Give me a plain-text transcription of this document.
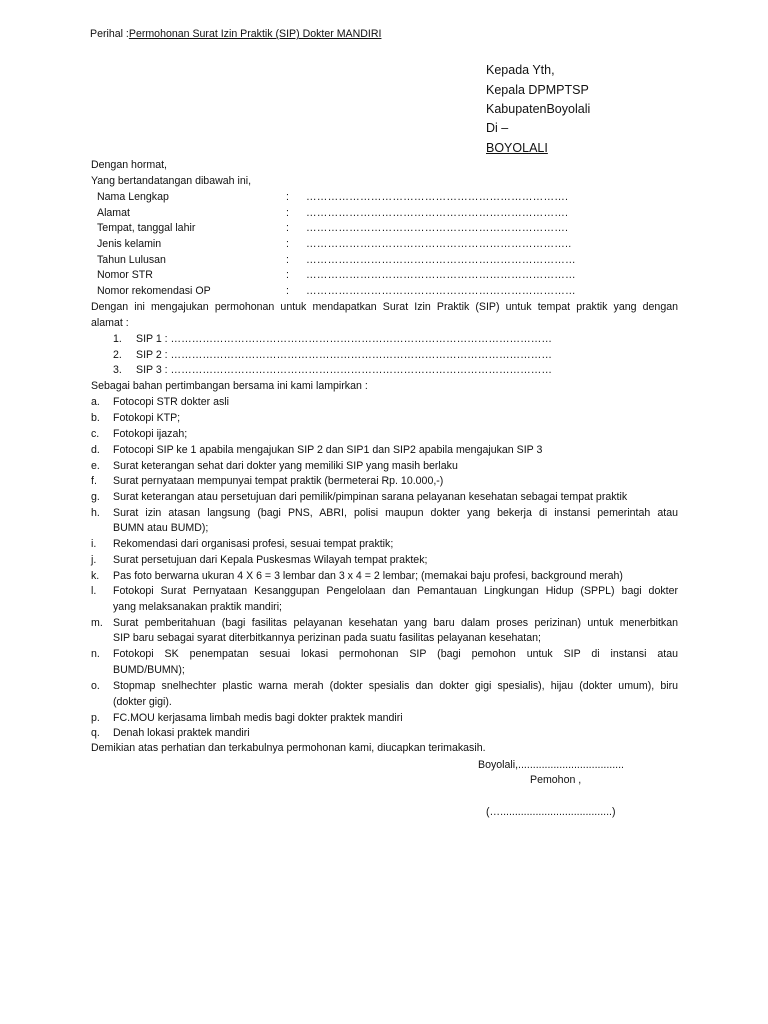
Perihal :Permohonan Surat Izin Praktik (SIP) Dokter MANDIRI
Kepada Yth,
Kepala DPMPTSP
KabupatenBoyolali
Di –
BOYOLALI
Dengan hormat,
Yang bertandatangan dibawah ini,
Nama Lengkap	: ……………………………………………………………….
Alamat	: ……………………………………………………………….
Tempat, tanggal lahir	: ……………………………………………………………….
Jenis kelamin	: ………………………………………………………………..
Tahun Lulusan	: …………………………………………………………………
Nomor STR	: …………………………………………………………………
Nomor rekomendasi OP	: …………………………………………………………………
Dengan ini mengajukan permohonan untuk mendapatkan Surat Izin Praktik (SIP) untuk tempat praktik yang dengan
alamat :
1. SIP 1 : ………………………………………………………………………………………………
2. SIP 2 : ………………………………………………………………………………………………
3. SIP 3 : ………………………………………………………………………………………………
Sebagai bahan pertimbangan bersama ini kami lampirkan :
a. Fotocopi STR dokter asli
b. Fotokopi KTP;
c. Fotokopi ijazah;
d. Fotocopi SIP ke 1 apabila mengajukan SIP 2 dan SIP1 dan SIP2 apabila mengajukan SIP 3
e. Surat keterangan sehat dari dokter yang memiliki SIP yang masih berlaku
f. Surat pernyataan mempunyai tempat praktik (bermeterai Rp. 10.000,-)
g. Surat keterangan atau persetujuan dari pemilik/pimpinan sarana pelayanan kesehatan sebagai tempat praktik
h. Surat izin atasan langsung (bagi PNS, ABRI, polisi maupun dokter yang bekerja di instansi pemerintah atau
BUMN atau BUMD);
i. Rekomendasi dari organisasi profesi, sesuai tempat praktik;
j. Surat persetujuan dari Kepala Puskesmas Wilayah tempat praktek;
k. Pas foto berwarna ukuran 4 X 6 = 3 lembar dan 3 x 4 = 2 lembar; (memakai baju profesi, background merah)
l. Fotokopi Surat Pernyataan Kesanggupan Pengelolaan dan Pemantauan Lingkungan Hidup (SPPL) bagi dokter
yang melaksanakan praktik mandiri;
m. Surat pemberitahuan (bagi fasilitas pelayanan kesehatan yang baru dalam proses perizinan) untuk menerbitkan
SIP baru sebagai syarat diterbitkannya perizinan pada suatu fasilitas pelayanan kesehatan;
n. Fotokopi SK penempatan sesuai lokasi permohonan SIP (bagi pemohon untuk SIP di instansi atau
BUMD/BUMN);
o. Stopmap snelhechter plastic warna merah (dokter spesialis dan dokter gigi spesialis), hijau (dokter umum), biru
(dokter gigi).
p. FC.MOU kerjasama limbah medis bagi dokter praktek mandiri
q. Denah lokasi praktek mandiri
Demikian atas perhatian dan terkabulnya permohonan kami, diucapkan terimakasih.
Boyolali,....................................
Pemohon ,
(…......................................)
